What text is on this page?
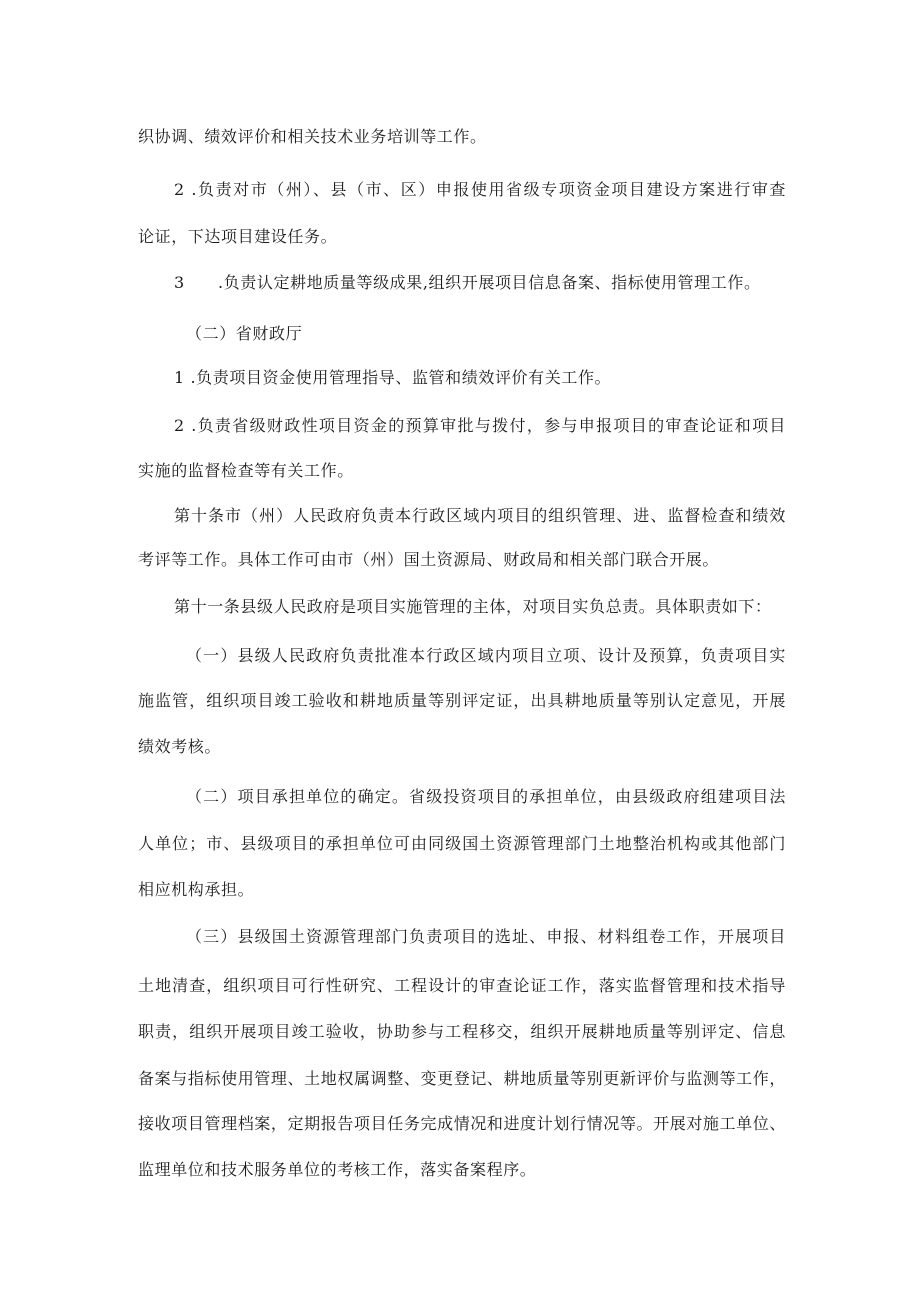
织协调、绩效评价和相关技术业务培训等工作。
2 .负责对市（州）、县（市、区）申报使用省级专项资金项目建设方案进行审查
论证，下达项目建设任务。
3　　.负责认定耕地质量等级成果,组织开展项目信息备案、指标使用管理工作。
（二）省财政厅
1 .负责项目资金使用管理指导、监管和绩效评价有关工作。
2 .负责省级财政性项目资金的预算审批与拨付，参与申报项目的审查论证和项目
实施的监督检查等有关工作。
第十条市（州）人民政府负责本行政区域内项目的组织管理、进、监督检查和绩效
考评等工作。具体工作可由市（州）国土资源局、财政局和相关部门联合开展。
第十一条县级人民政府是项目实施管理的主体，对项目实负总责。具体职责如下：
（一）县级人民政府负责批准本行政区域内项目立项、设计及预算，负责项目实
施监管，组织项目竣工验收和耕地质量等别评定证，出具耕地质量等别认定意见，开展
绩效考核。
（二）项目承担单位的确定。省级投资项目的承担单位，由县级政府组建项目法
人单位；市、县级项目的承担单位可由同级国土资源管理部门土地整治机构或其他部门
相应机构承担。
（三）县级国土资源管理部门负责项目的选址、申报、材料组卷工作，开展项目
土地清查，组织项目可行性研究、工程设计的审查论证工作，落实监督管理和技术指导
职责，组织开展项目竣工验收，协助参与工程移交，组织开展耕地质量等别评定、信息
备案与指标使用管理、土地权属调整、变更登记、耕地质量等别更新评价与监测等工作，
接收项目管理档案，定期报告项目任务完成情况和进度计划行情况等。开展对施工单位、
监理单位和技术服务单位的考核工作，落实备案程序。
